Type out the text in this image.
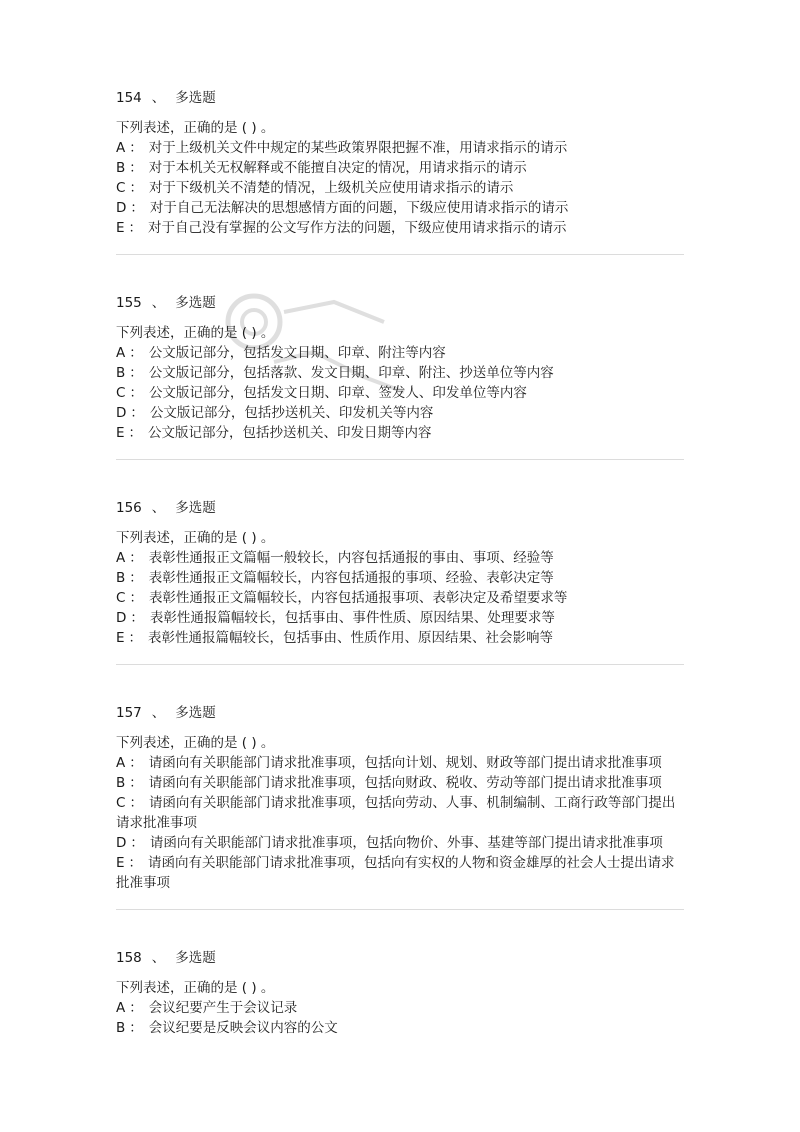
154 、 多选题
下列表述，正确的是 ( ) 。
A ： 对于上级机关文件中规定的某些政策界限把握不准，用请求指示的请示
B ： 对于本机关无权解释或不能擅自决定的情况，用请求指示的请示
C ： 对于下级机关不清楚的情况，上级机关应使用请求指示的请示
D ： 对于自己无法解决的思想感情方面的问题，下级应使用请求指示的请示
E ： 对于自己没有掌握的公文写作方法的问题，下级应使用请求指示的请示
155 、 多选题
下列表述，正确的是 ( ) 。
A ： 公文版记部分，包括发文日期、印章、附注等内容
B ： 公文版记部分，包括落款、发文日期、印章、附注、抄送单位等内容
C ： 公文版记部分，包括发文日期、印章、签发人、印发单位等内容
D ： 公文版记部分，包括抄送机关、印发机关等内容
E ： 公文版记部分，包括抄送机关、印发日期等内容
156 、 多选题
下列表述，正确的是 ( ) 。
A ： 表彰性通报正文篇幅一般较长，内容包括通报的事由、事项、经验等
B ： 表彰性通报正文篇幅较长，内容包括通报的事项、经验、表彰决定等
C ： 表彰性通报正文篇幅较长，内容包括通报事项、表彰决定及希望要求等
D ： 表彰性通报篇幅较长，包括事由、事件性质、原因结果、处理要求等
E ： 表彰性通报篇幅较长，包括事由、性质作用、原因结果、社会影响等
157 、 多选题
下列表述，正确的是 ( ) 。
A ： 请函向有关职能部门请求批准事项，包括向计划、规划、财政等部门提出请求批准事项
B ： 请函向有关职能部门请求批准事项，包括向财政、税收、劳动等部门提出请求批准事项
C ： 请函向有关职能部门请求批准事项，包括向劳动、人事、机制编制、工商行政等部门提出请求批准事项
D ： 请函向有关职能部门请求批准事项，包括向物价、外事、基建等部门提出请求批准事项
E ： 请函向有关职能部门请求批准事项，包括向有实权的人物和资金雄厚的社会人士提出请求批准事项
158 、 多选题
下列表述，正确的是 ( ) 。
A ： 会议纪要产生于会议记录
B ： 会议纪要是反映会议内容的公文
